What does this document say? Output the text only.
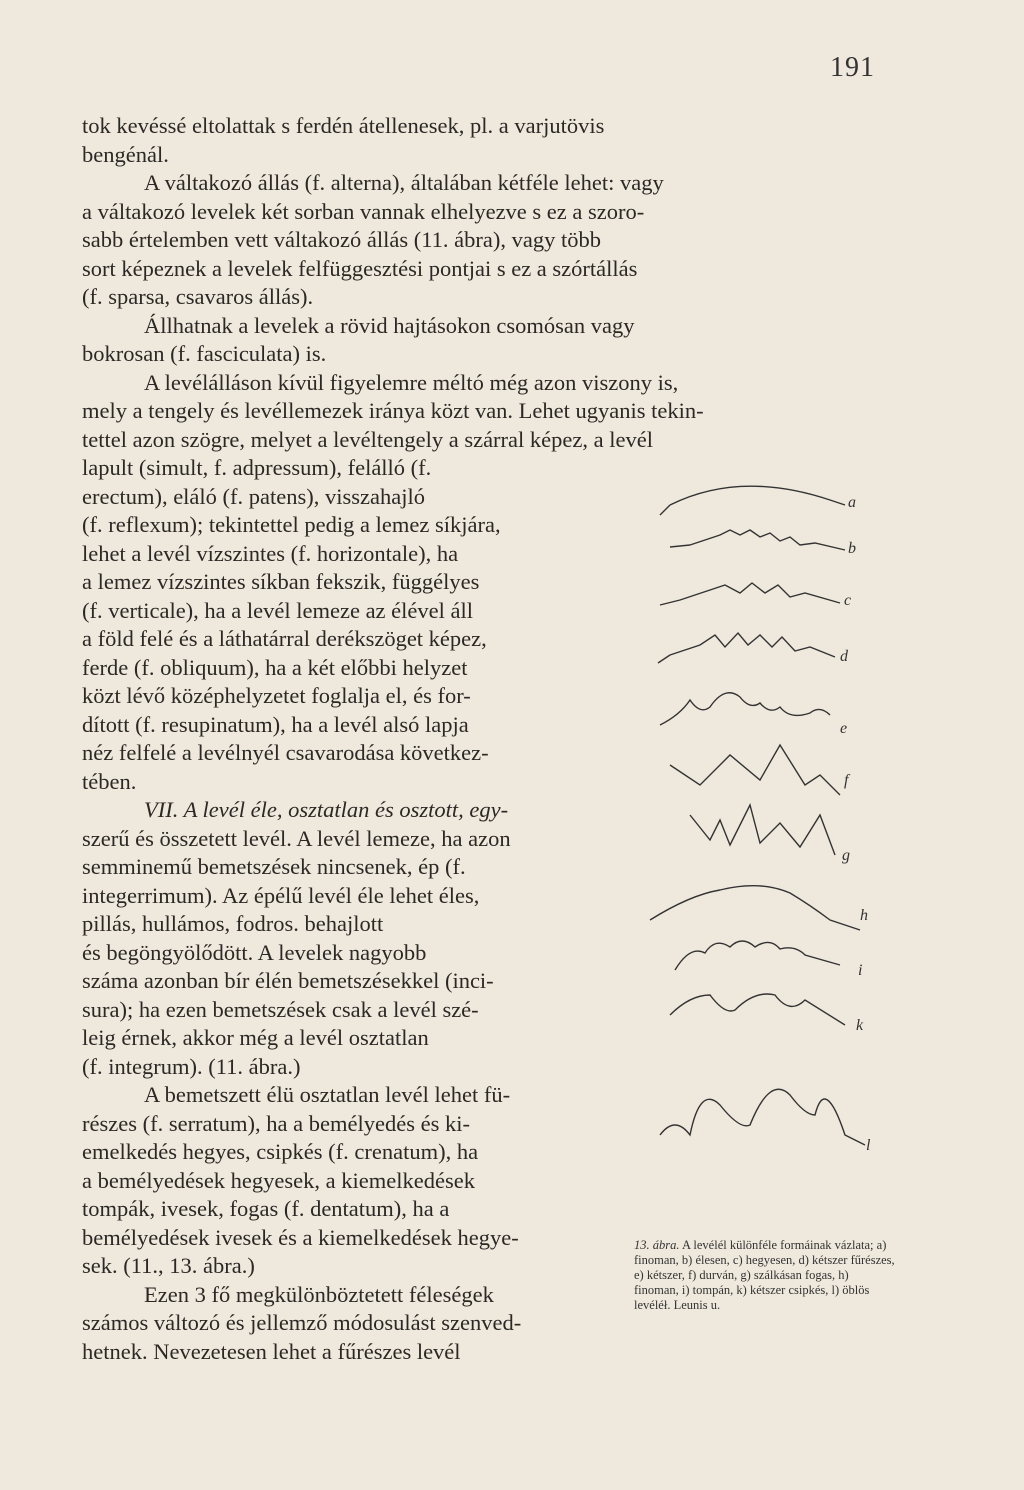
191
tok kevéssé eltolattak s ferdén átellenesek, pl. a varjutövis
bengénál.
A váltakozó állás (f. alterna), általában kétféle lehet: vagy
a váltakozó levelek két sorban vannak elhelyezve s ez a szoro-
sabb értelemben vett váltakozó állás (11. ábra), vagy több
sort képeznek a levelek felfüggesztési pontjai s ez a szórtállás
(f. sparsa, csavaros állás).
Állhatnak a levelek a rövid hajtásokon csomósan vagy
bokrosan (f. fasciculata) is.
A levélálláson kívül figyelemre méltó még azon viszony is,
mely a tengely és levéllemezek iránya közt van. Lehet ugyanis tekin-
tettel azon szögre, melyet a levéltengely a szárral képez, a levél
lapult (simult, f. adpressum), felálló (f.
erectum), eláló (f. patens), visszahajló
(f. reflexum); tekintettel pedig a lemez síkjára,
lehet a levél vízszintes (f. horizontale), ha
a lemez vízszintes síkban fekszik, függélyes
(f. verticale), ha a levél lemeze az élével áll
a föld felé és a láthatárral derékszöget képez,
ferde (f. obliquum), ha a két előbbi helyzet
közt lévő középhelyzetet foglalja el, és for-
dított (f. resupinatum), ha a levél alsó lapja
néz felfelé a levélnyél csavarodása következ-
tében.
VII. A levél éle, osztatlan és osztott, egy-
szerű és összetett levél. A levél lemeze, ha azon
semminemű bemetszések nincsenek, ép (f.
integerrimum). Az épélű levél éle lehet éles,
pillás, hullámos, fodros. behajlott
és begöngyölődött. A levelek nagyobb
száma azonban bír élén bemetszésekkel (inci-
sura); ha ezen bemetszések csak a levél szé-
leig érnek, akkor még a levél osztatlan
(f. integrum). (11. ábra.)
A bemetszett élü osztatlan levél lehet fü-
részes (f. serratum), ha a bemélyedés és ki-
emelkedés hegyes, csipkés (f. crenatum), ha
a bemélyedések hegyesek, a kiemelkedések
tompák, ivesek, fogas (f. dentatum), ha a
bemélyedések ivesek és a kiemelkedések hegye-
sek. (11., 13. ábra.)
Ezen 3 fő megkülönböztetett féleségek
számos változó és jellemző módosulást szenved-
hetnek. Nevezetesen lehet a fűrészes levél
a
b
c
d
e
f
g
h
i
k
l
13. ábra. A levélél különféle formáinak vázlata; a) finoman, b) élesen, c) hegyesen, d) kétszer fűrészes, e) kétszer, f) durván, g) szálkásan fogas, h) finoman, i) tompán, k) kétszer csipkés, l) öblös levéléł. Leunis u.
